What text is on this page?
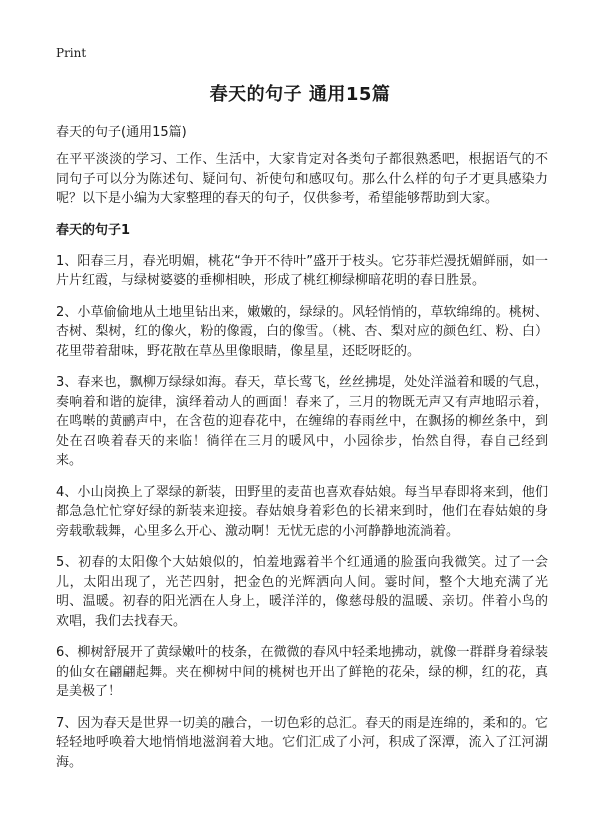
Print
春天的句子 通用15篇

春天的句子(通用15篇)

在平平淡淡的学习、工作、生活中，大家肯定对各类句子都很熟悉吧，根据语气的不同句子可以分为陈述句、疑问句、祈使句和感叹句。那么什么样的句子才更具感染力呢？以下是小编为大家整理的春天的句子，仅供参考，希望能够帮助到大家。

春天的句子1

1、阳春三月，春光明媚，桃花“争开不待叶”盛开于枝头。它芬菲烂漫抚媚鲜丽，如一片片红霞，与绿树婆婆的垂柳相映，形成了桃红柳绿柳暗花明的春日胜景。

2、小草偷偷地从土地里钻出来，嫩嫩的，绿绿的。风轻悄悄的，草软绵绵的。桃树、杏树、梨树，红的像火，粉的像霞，白的像雪。（桃、杏、梨对应的颜色红、粉、白）花里带着甜味，野花散在草丛里像眼睛，像星星，还眨呀眨的。

3、春来也，飘柳万绿绿如海。春天，草长莺飞，丝丝拂堤，处处洋溢着和暖的气息，奏响着和谐的旋律，演绎着动人的画面！春来了，三月的物既无声又有声地昭示着，在鸣啭的黄鹂声中，在含苞的迎春花中，在缠绵的春雨丝中，在飘扬的柳丝条中，到处在召唤着春天的来临！徜徉在三月的暖风中，小园徐步，怡然自得，春自己经到来。

4、小山岗换上了翠绿的新装，田野里的麦苗也喜欢春姑娘。每当早春即将来到，他们都急急忙忙穿好绿的新装来迎接。春姑娘身着彩色的长裙来到时，他们在春姑娘的身旁载歌载舞，心里多么开心、激动啊！无忧无虑的小河静静地流淌着。

5、初春的太阳像个大姑娘似的，怕羞地露着半个红通通的脸蛋向我微笑。过了一会儿，太阳出现了，光芒四射，把金色的光辉洒向人间。霎时间，整个大地充满了光明、温暖。初春的阳光洒在人身上，暖洋洋的，像慈母般的温暖、亲切。伴着小鸟的欢唱，我们去找春天。

6、柳树舒展开了黄绿嫩叶的枝条，在微微的春风中轻柔地拂动，就像一群群身着绿装的仙女在翩翩起舞。夹在柳树中间的桃树也开出了鲜艳的花朵，绿的柳，红的花，真是美极了！

7、因为春天是世界一切美的融合，一切色彩的总汇。春天的雨是连绵的，柔和的。它轻轻地呼唤着大地悄悄地滋润着大地。它们汇成了小河，积成了深潭，流入了江河湖海。
